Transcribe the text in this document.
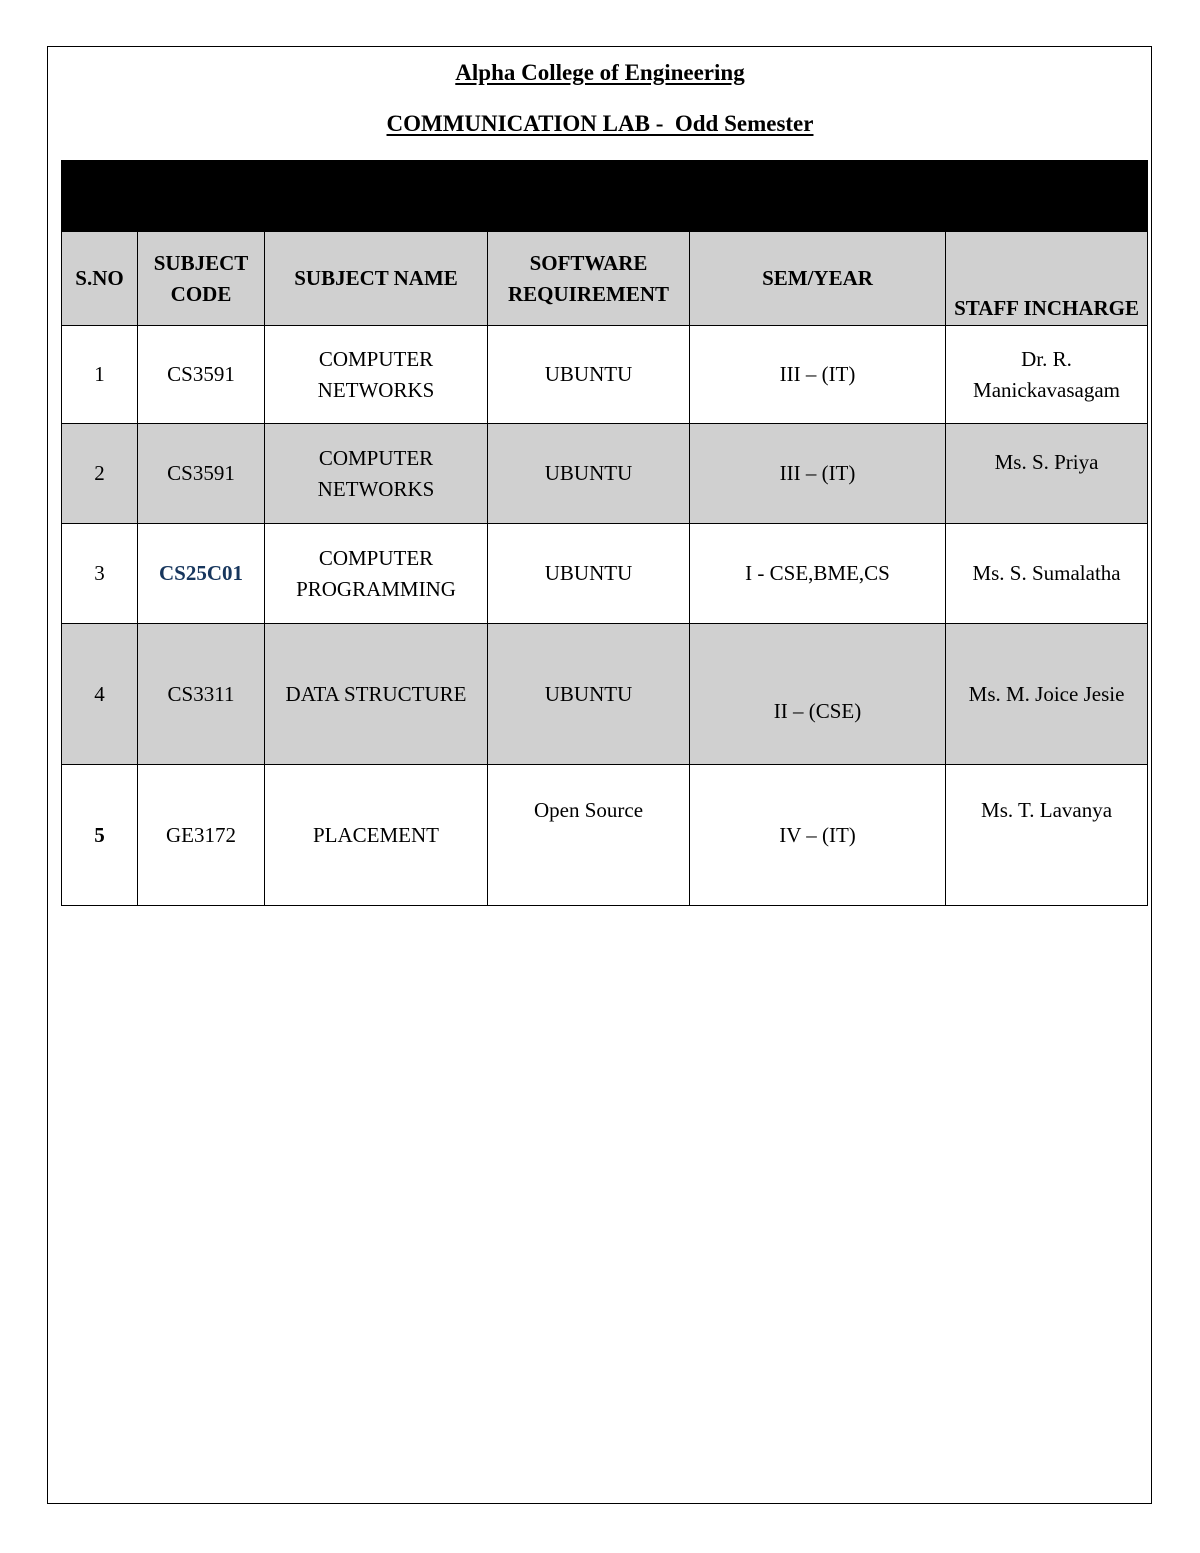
Alpha College of Engineering
COMMUNICATION LAB -  Odd Semester

S.NO	SUBJECT CODE	SUBJECT NAME	SOFTWARE REQUIREMENT	SEM/YEAR	STAFF INCHARGE
1	CS3591	COMPUTER NETWORKS	UBUNTU	III – (IT)	Dr. R. Manickavasagam
2	CS3591	COMPUTER NETWORKS	UBUNTU	III – (IT)	Ms. S. Priya
3	CS25C01	COMPUTER PROGRAMMING	UBUNTU	I - CSE,BME,CS	Ms. S. Sumalatha
4	CS3311	DATA STRUCTURE	UBUNTU	II – (CSE)	Ms. M. Joice Jesie
5	GE3172	PLACEMENT	Open Source	IV – (IT)	Ms. T. Lavanya
